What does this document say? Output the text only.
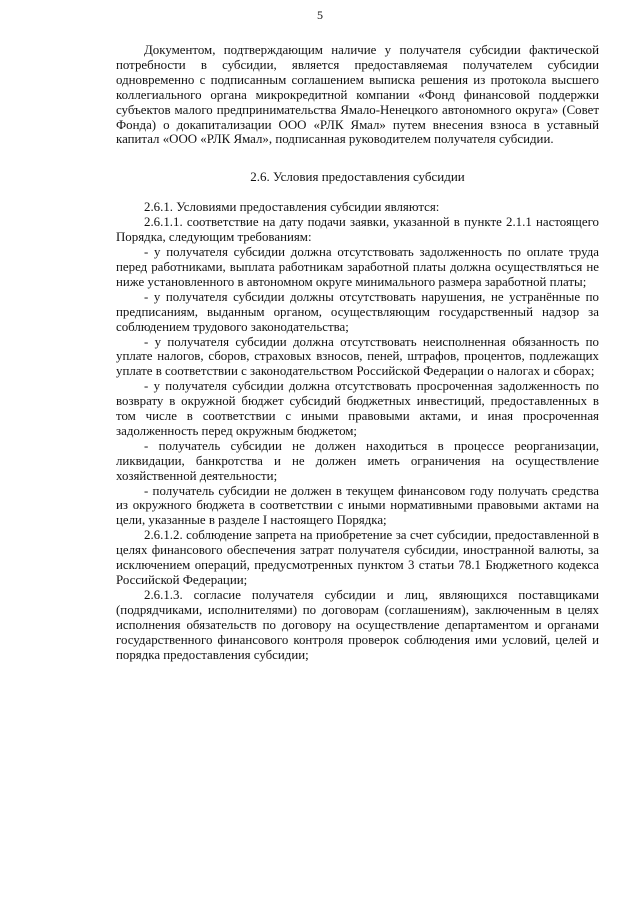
5

Документом, подтверждающим наличие у получателя субсидии фактической потребности в субсидии, является предоставляемая получателем субсидии одновременно с подписанным соглашением выписка решения из протокола высшего коллегиального органа микрокредитной компании «Фонд финансовой поддержки субъектов малого предпринимательства Ямало-Ненецкого автономного округа» (Совет Фонда) о докапитализации ООО «РЛК Ямал» путем внесения взноса в уставный капитал «ООО «РЛК Ямал», подписанная руководителем получателя субсидии.

2.6. Условия предоставления субсидии

2.6.1. Условиями предоставления субсидии являются:

2.6.1.1. соответствие на дату подачи заявки, указанной в пункте 2.1.1 настоящего Порядка, следующим требованиям:

- у получателя субсидии должна отсутствовать задолженность по оплате труда перед работниками, выплата работникам заработной платы должна осуществляться не ниже установленного в автономном округе минимального размера заработной платы;

- у получателя субсидии должны отсутствовать нарушения, не устранённые по предписаниям, выданным органом, осуществляющим государственный надзор за соблюдением трудового законодательства;

- у получателя субсидии должна отсутствовать неисполненная обязанность по уплате налогов, сборов, страховых взносов, пеней, штрафов, процентов, подлежащих уплате в соответствии с законодательством Российской Федерации о налогах и сборах;

- у получателя субсидии должна отсутствовать просроченная задолженность по возврату в окружной бюджет субсидий бюджетных инвестиций, предоставленных в том числе в соответствии с иными правовыми актами, и иная просроченная задолженность перед окружным бюджетом;

- получатель субсидии не должен находиться в процессе реорганизации, ликвидации, банкротства и не должен иметь ограничения на осуществление хозяйственной деятельности;

- получатель субсидии не должен в текущем финансовом году получать средства из окружного бюджета в соответствии с иными нормативными правовыми актами на цели, указанные в разделе I настоящего Порядка;

2.6.1.2. соблюдение запрета на приобретение за счет субсидии, предоставленной в целях финансового обеспечения затрат получателя субсидии, иностранной валюты, за исключением операций, предусмотренных пунктом 3 статьи 78.1 Бюджетного кодекса Российской Федерации;

2.6.1.3. согласие получателя субсидии и лиц, являющихся поставщиками (подрядчиками, исполнителями) по договорам (соглашениям), заключенным в целях исполнения обязательств по договору на осуществление департаментом и органами государственного финансового контроля проверок соблюдения ими условий, целей и порядка предоставления субсидии;
